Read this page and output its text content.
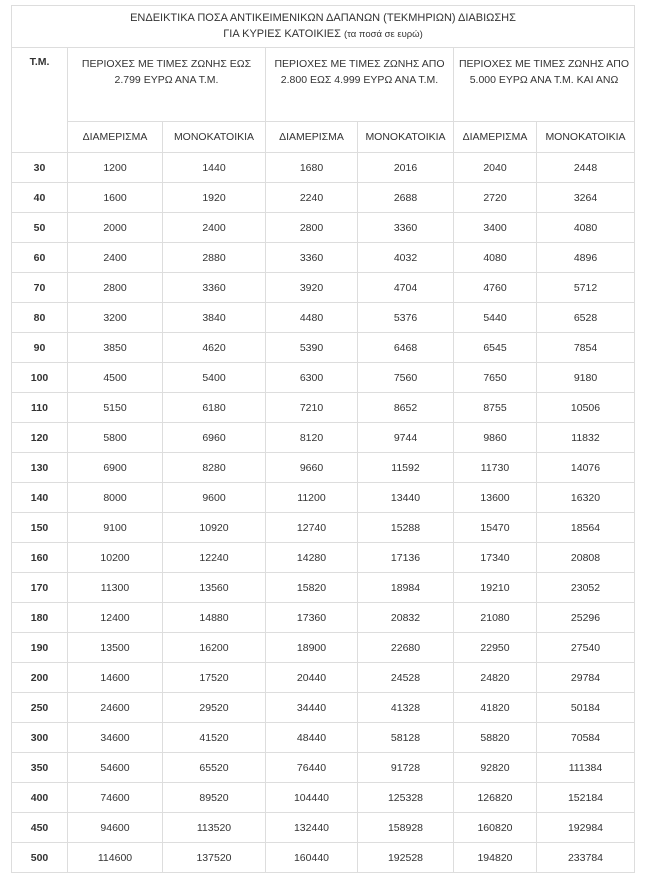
ΕΝΔΕΙΚΤΙΚΑ ΠΟΣΑ ΑΝΤΙΚΕΙΜΕΝΙΚΩΝ ΔΑΠΑΝΩΝ (ΤΕΚΜΗΡΙΩΝ) ΔΙΑΒΙΩΣΗΣ
ΓΙΑ ΚΥΡΙΕΣ ΚΑΤΟΙΚΙΕΣ (τα ποσά σε ευρώ)						
Τ.Μ.	ΠΕΡΙΟΧΕΣ ΜΕ ΤΙΜΕΣ ΖΩΝΗΣ ΕΩΣ 2.799 ΕΥΡΩ ΑΝΑ Τ.Μ.		ΠΕΡΙΟΧΕΣ ΜΕ ΤΙΜΕΣ ΖΩΝΗΣ ΑΠΟ 2.800 ΕΩΣ 4.999 ΕΥΡΩ ΑΝΑ Τ.Μ.		ΠΕΡΙΟΧΕΣ ΜΕ ΤΙΜΕΣ ΖΩΝΗΣ ΑΠΟ 5.000 ΕΥΡΩ ΑΝΑ Τ.Μ. ΚΑΙ ΑΝΩ	
	ΔΙΑΜΕΡΙΣΜΑ	ΜΟΝΟΚΑΤΟΙΚΙΑ	ΔΙΑΜΕΡΙΣΜΑ	ΜΟΝΟΚΑΤΟΙΚΙΑ	ΔΙΑΜΕΡΙΣΜΑ	ΜΟΝΟΚΑΤΟΙΚΙΑ
30	1200	1440	1680	2016	2040	2448
40	1600	1920	2240	2688	2720	3264
50	2000	2400	2800	3360	3400	4080
60	2400	2880	3360	4032	4080	4896
70	2800	3360	3920	4704	4760	5712
80	3200	3840	4480	5376	5440	6528
90	3850	4620	5390	6468	6545	7854
100	4500	5400	6300	7560	7650	9180
110	5150	6180	7210	8652	8755	10506
120	5800	6960	8120	9744	9860	11832
130	6900	8280	9660	11592	11730	14076
140	8000	9600	11200	13440	13600	16320
150	9100	10920	12740	15288	15470	18564
160	10200	12240	14280	17136	17340	20808
170	11300	13560	15820	18984	19210	23052
180	12400	14880	17360	20832	21080	25296
190	13500	16200	18900	22680	22950	27540
200	14600	17520	20440	24528	24820	29784
250	24600	29520	34440	41328	41820	50184
300	34600	41520	48440	58128	58820	70584
350	54600	65520	76440	91728	92820	111384
400	74600	89520	104440	125328	126820	152184
450	94600	113520	132440	158928	160820	192984
500	114600	137520	160440	192528	194820	233784
